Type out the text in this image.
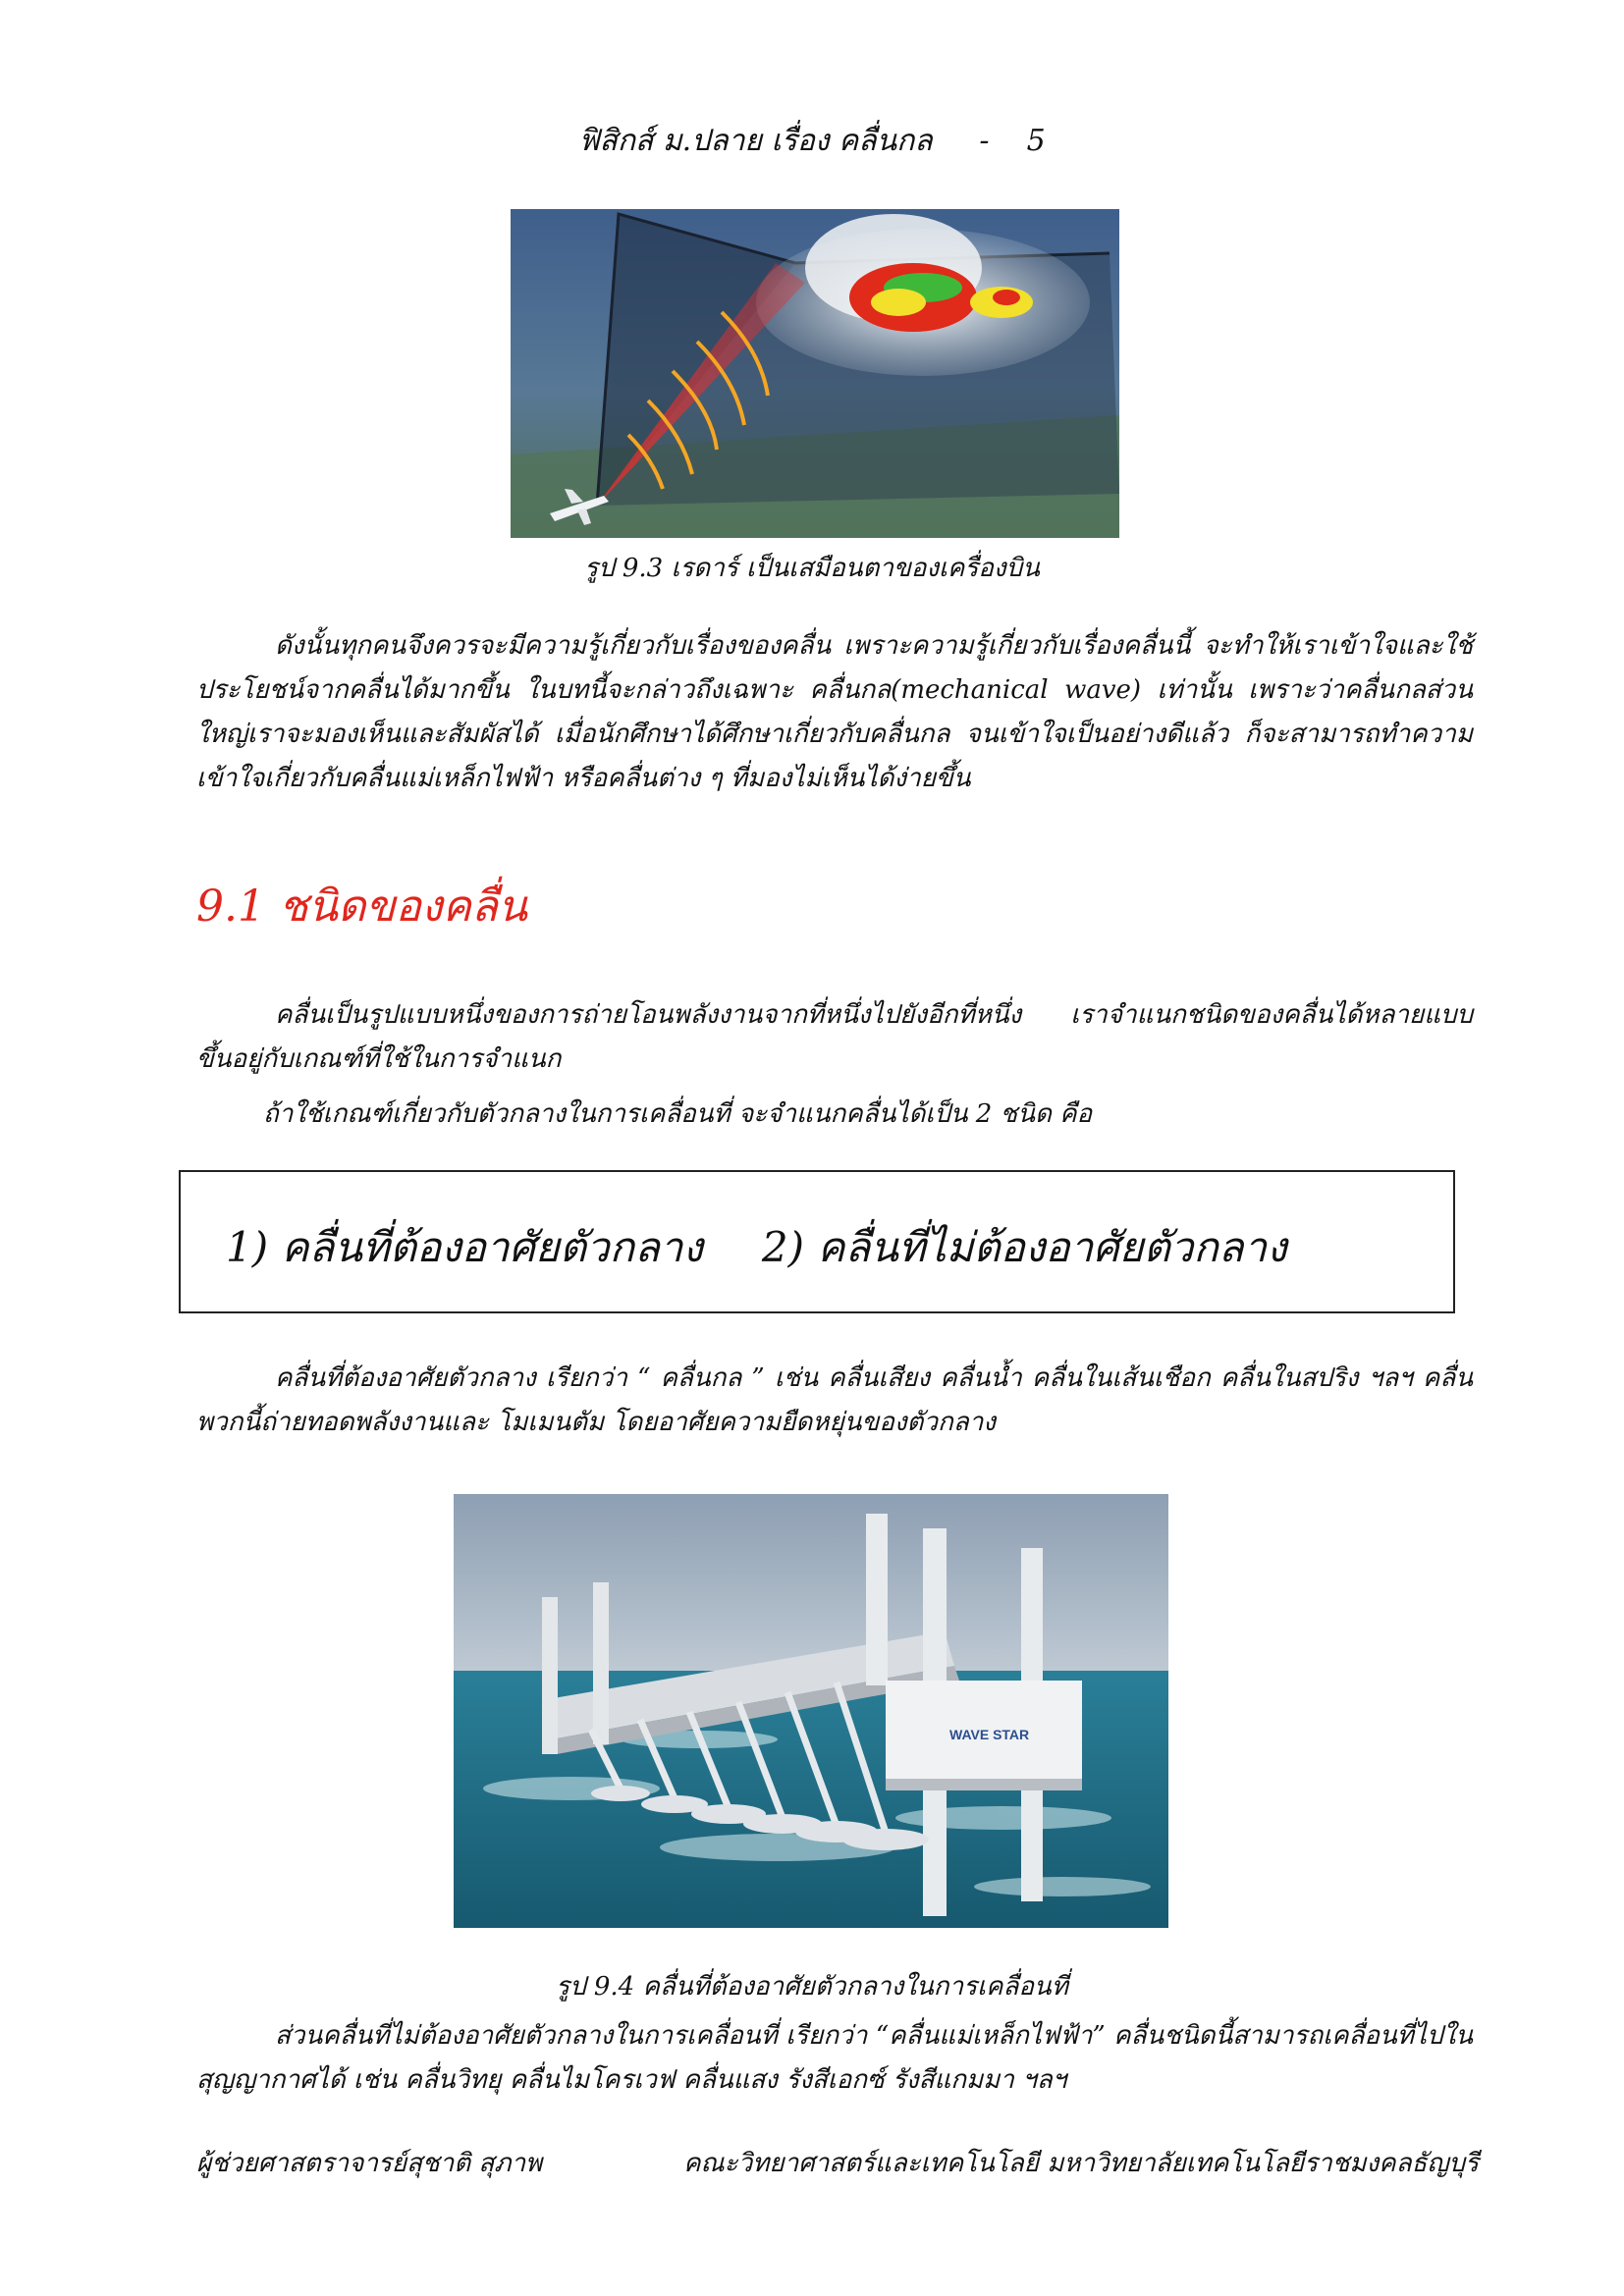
ฟิสิกส์ ม.ปลาย เรื่อง คลื่นกล - 5
รูป 9.3 เรดาร์ เป็นเสมือนตาของเครื่องบิน

ดังนั้นทุกคนจึงควรจะมีความรู้เกี่ยวกับเรื่องของคลื่น เพราะความรู้เกี่ยวกับเรื่องคลื่นนี้ จะทำให้เราเข้าใจและใช้ประโยชน์จากคลื่นได้มากขึ้น ในบทนี้จะกล่าวถึงเฉพาะ คลื่นกล(mechanical wave) เท่านั้น เพราะว่าคลื่นกลส่วนใหญ่เราจะมองเห็นและสัมผัสได้ เมื่อนักศึกษาได้ศึกษาเกี่ยวกับคลื่นกล จนเข้าใจเป็นอย่างดีแล้ว ก็จะสามารถทำความเข้าใจเกี่ยวกับคลื่นแม่เหล็กไฟฟ้า หรือคลื่นต่าง ๆ ที่มองไม่เห็นได้ง่ายขึ้น

9.1 ชนิดของคลื่น

คลื่นเป็นรูปแบบหนึ่งของการถ่ายโอนพลังงานจากที่หนึ่งไปยังอีกที่หนึ่ง เราจำแนกชนิดของคลื่นได้หลายแบบ ขึ้นอยู่กับเกณฑ์ที่ใช้ในการจำแนก

ถ้าใช้เกณฑ์เกี่ยวกับตัวกลางในการเคลื่อนที่ จะจำแนกคลื่นได้เป็น 2 ชนิด คือ

1) คลื่นที่ต้องอาศัยตัวกลาง 2) คลื่นที่ไม่ต้องอาศัยตัวกลาง

คลื่นที่ต้องอาศัยตัวกลาง เรียกว่า “ คลื่นกล ” เช่น คลื่นเสียง คลื่นน้ำ คลื่นในเส้นเชือก คลื่นในสปริง ฯลฯ คลื่นพวกนี้ถ่ายทอดพลังงานและ โมเมนตัม โดยอาศัยความยืดหยุ่นของตัวกลาง

WAVE STAR
รูป 9.4 คลื่นที่ต้องอาศัยตัวกลางในการเคลื่อนที่

ส่วนคลื่นที่ไม่ต้องอาศัยตัวกลางในการเคลื่อนที่ เรียกว่า “คลื่นแม่เหล็กไฟฟ้า” คลื่นชนิดนี้สามารถเคลื่อนที่ไปในสุญญากาศได้ เช่น คลื่นวิทยุ คลื่นไมโครเวฟ คลื่นแสง รังสีเอกซ์ รังสีแกมมา ฯลฯ

ผู้ช่วยศาสตราจารย์สุชาติ สุภาพ	คณะวิทยาศาสตร์และเทคโนโลยี มหาวิทยาลัยเทคโนโลยีราชมงคลธัญบุรี
